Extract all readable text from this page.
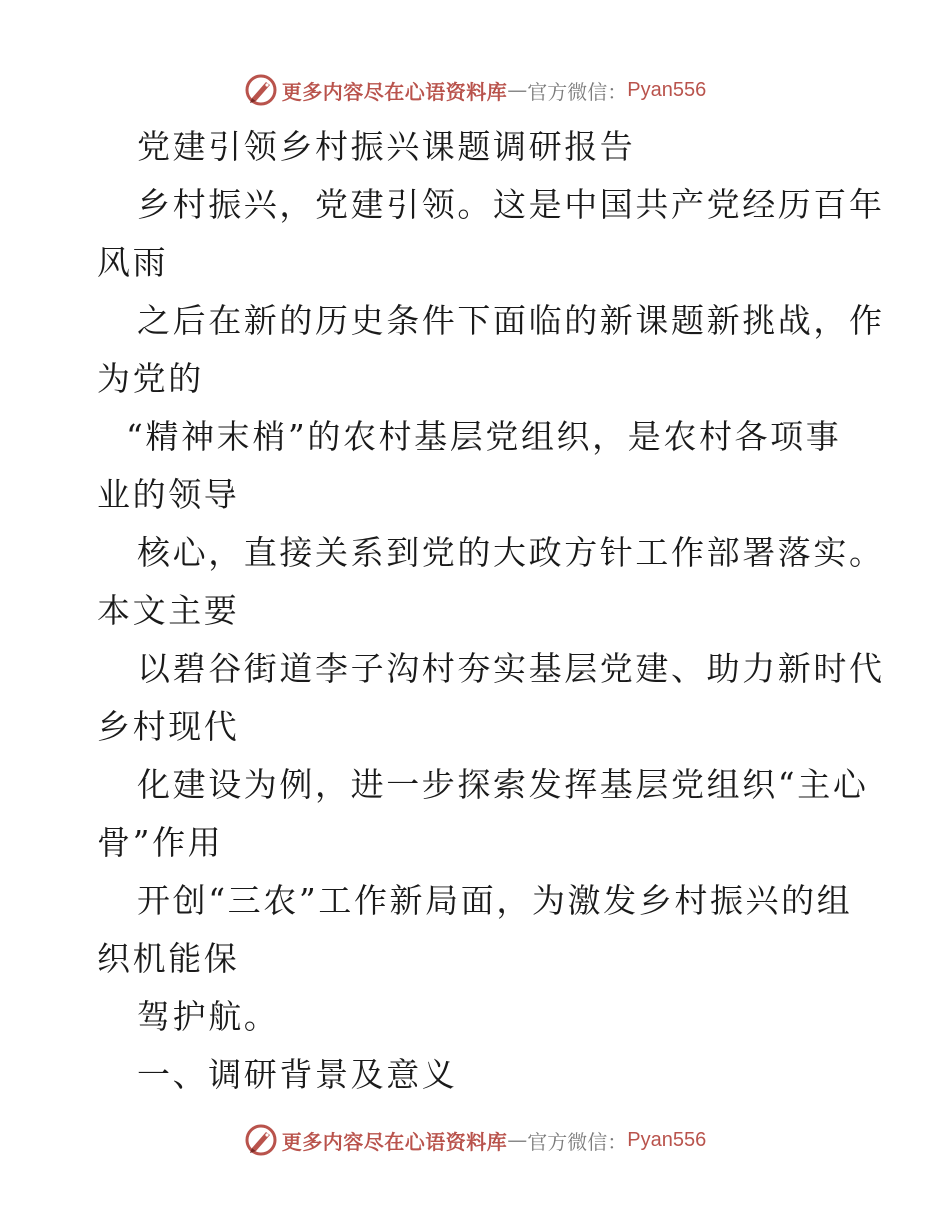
更多内容尽在心语资料库 — 官方微信： Pyan556
党建引领乡村振兴课题调研报告
乡村振兴，党建引领。这是中国共产党经历百年
风雨
之后在新的历史条件下面临的新课题新挑战，作
为党的
“精神末梢”的农村基层党组织，是农村各项事
业的领导
核心，直接关系到党的大政方针工作部署落实。
本文主要
以碧谷街道李子沟村夯实基层党建、助力新时代
乡村现代
化建设为例，进一步探索发挥基层党组织“主心
骨”作用
开创“三农”工作新局面，为激发乡村振兴的组
织机能保
驾护航。
一、调研背景及意义
更多内容尽在心语资料库 — 官方微信： Pyan556
